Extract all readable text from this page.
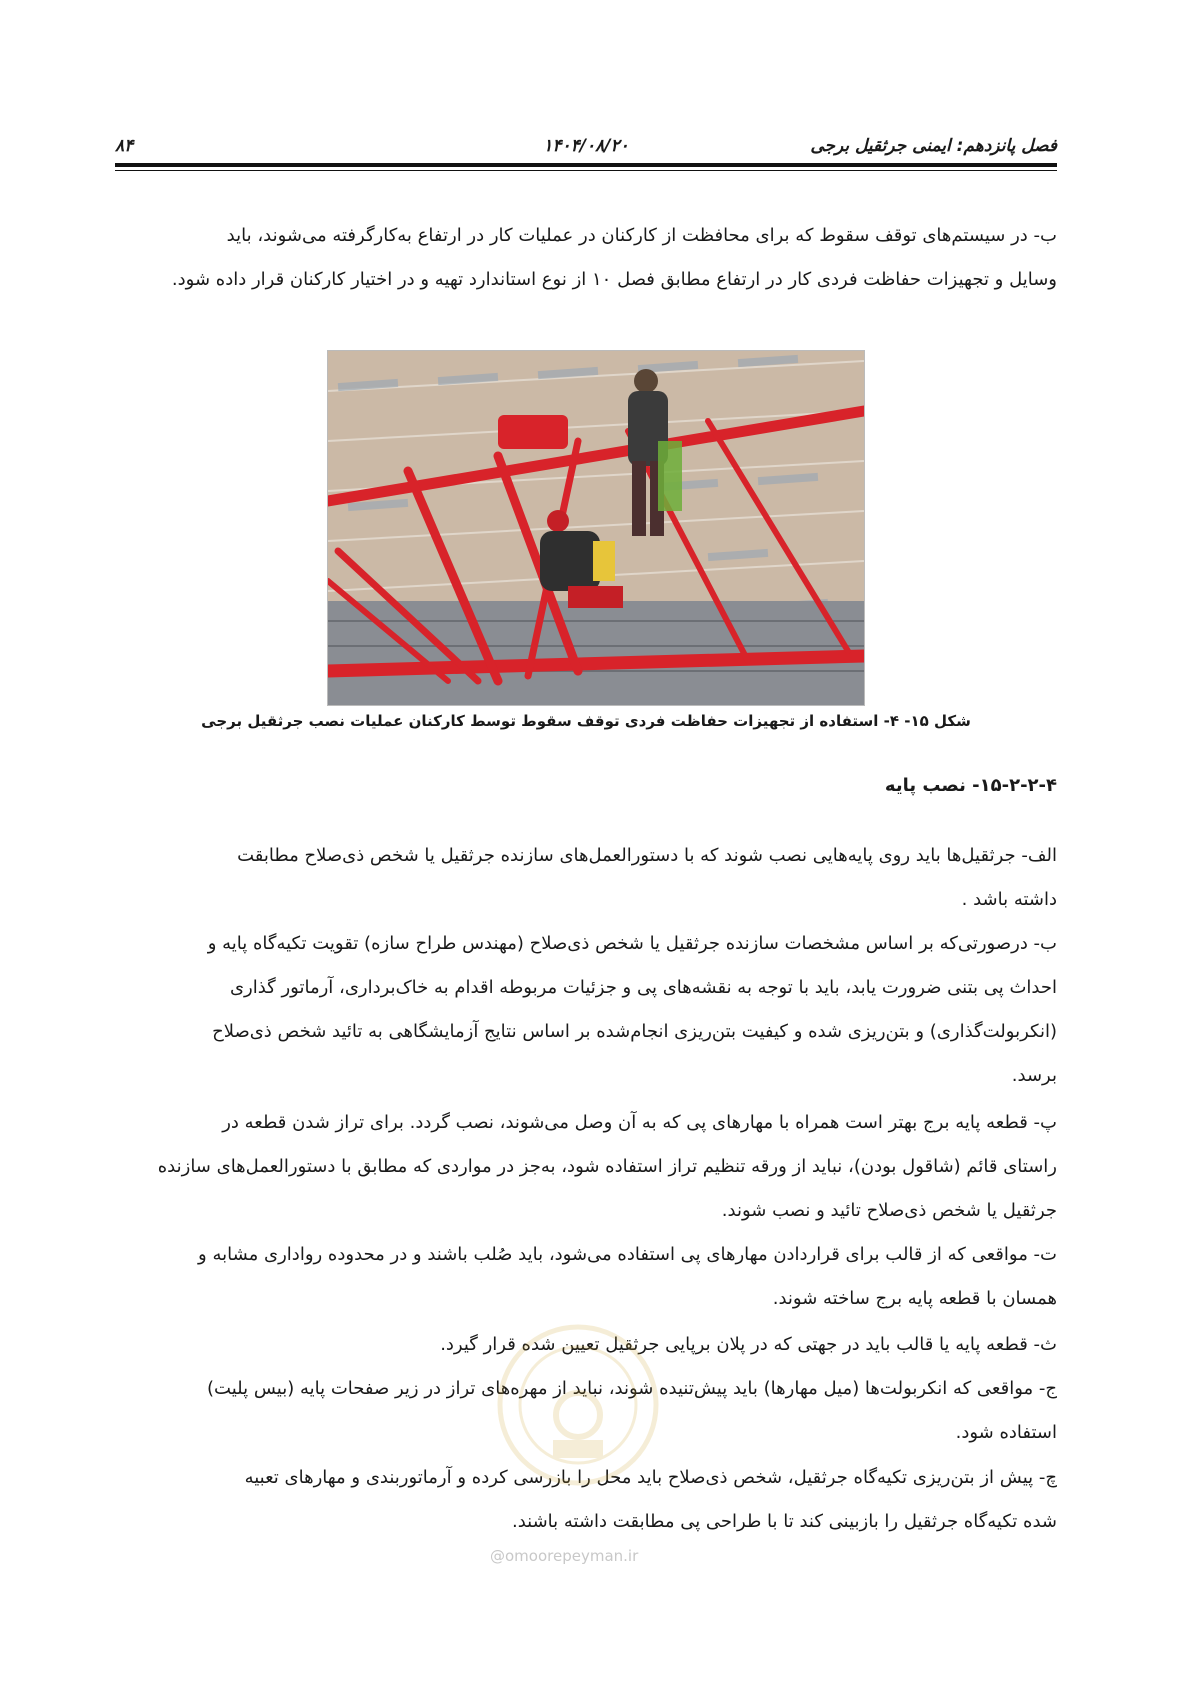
۸۴	۱۴۰۴/۰۸/۲۰	فصل پانزدهم: ایمنی جرثقیل برجی
ب- در سیستم‌های توقف سقوط که برای محافظت از کارکنان در عملیات کار در ارتفاع به‌کارگرفته می‌شوند، باید
وسایل و تجهیزات حفاظت فردی کار در ارتفاع مطابق فصل ۱۰ از نوع استاندارد تهیه و در اختیار کارکنان قرار داده شود.
شکل ۱۵- ۴- استفاده از تجهیزات حفاظت فردی توقف سقوط توسط کارکنان عملیات نصب جرثقیل برجی
۱۵-۲-۲-۴- نصب پایه
الف- جرثقیل‌ها باید روی پایه‌هایی نصب شوند که با دستورالعمل‌های سازنده جرثقیل یا شخص ذی‌صلاح مطابقت
داشته باشد .
ب- درصورتی‌که بر اساس مشخصات سازنده جرثقیل یا شخص ذی‌صلاح (مهندس طراح سازه) تقویت تکیه‌گاه پایه و
احداث پی بتنی ضرورت یابد، باید با توجه به نقشه‌های پی و جزئیات مربوطه اقدام به خاک‌برداری، آرماتور گذاری
(انکربولت‌گذاری) و بتن‌ریزی شده و کیفیت بتن‌ریزی انجام‌شده بر اساس نتایج آزمایشگاهی به تائید شخص ذی‌صلاح
برسد.
پ- قطعه پایه برج بهتر است همراه با مهارهای پی که به آن وصل می‌شوند، نصب گردد. برای تراز شدن قطعه در
راستای قائم (شاقول بودن)، نباید از ورقه تنظیم تراز استفاده شود، به‌جز در مواردی که مطابق با دستورالعمل‌های سازنده
جرثقیل یا شخص ذی‌صلاح تائید و نصب شوند.
ت- مواقعی که از قالب برای قراردادن مهارهای پی استفاده می‌شود، باید صُلب باشند و در محدوده رواداری مشابه و
همسان با قطعه پایه برج ساخته شوند.
ث- قطعه پایه یا قالب باید در جهتی که در پلان برپایی جرثقیل تعیین شده قرار گیرد.
ج- مواقعی که انکربولت‌ها (میل مهارها) باید پیش‌تنیده شوند، نباید از مهره‌های تراز در زیر صفحات پایه (بیس پلیت)
استفاده شود.
چ- پیش از بتن‌ریزی تکیه‌گاه جرثقیل، شخص ذی‌صلاح باید محل را بازرسی کرده و آرماتوربندی و مهارهای تعبیه
شده تکیه‌گاه جرثقیل را بازبینی کند تا با طراحی پی مطابقت داشته باشند.
@omoorepeyman.ir
